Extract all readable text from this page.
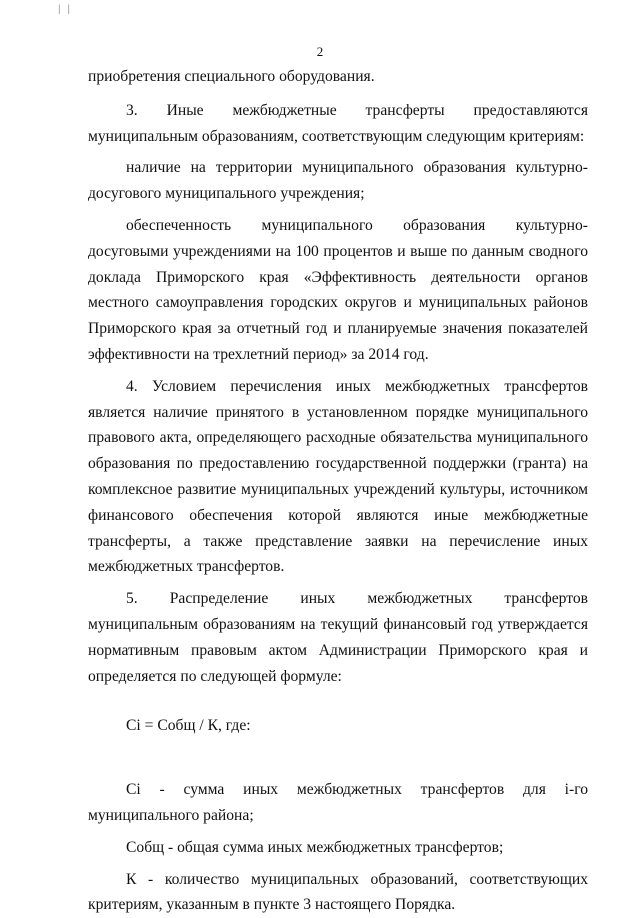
| |
2

приобретения специального оборудования.

3. Иные межбюджетные трансферты предоставляются муниципальным образованиям, соответствующим следующим критериям:

наличие на территории муниципального образования культурно-досугового муниципального учреждения;

обеспеченность муниципального образования культурно-досуговыми учреждениями на 100 процентов и выше по данным сводного доклада Приморского края «Эффективность деятельности органов местного самоуправления городских округов и муниципальных районов Приморского края за отчетный год и планируемые значения показателей эффективности на трехлетний период» за 2014 год.

4. Условием перечисления иных межбюджетных трансфертов является наличие принятого в установленном порядке муниципального правового акта, определяющего расходные обязательства муниципального образования по предоставлению государственной поддержки (гранта) на комплексное развитие муниципальных учреждений культуры, источником финансового обеспечения которой являются иные межбюджетные трансферты, а также представление заявки на перечисление иных межбюджетных трансфертов.

5. Распределение иных межбюджетных трансфертов муниципальным образованиям на текущий финансовый год утверждается нормативным правовым актом Администрации Приморского края и определяется по следующей формуле:

Сi = Собщ / К, где:

Сi - сумма иных межбюджетных трансфертов для i-го муниципального района;

Собщ - общая сумма иных межбюджетных трансфертов;

К - количество муниципальных образований, соответствующих критериям, указанным в пункте 3 настоящего Порядка.
